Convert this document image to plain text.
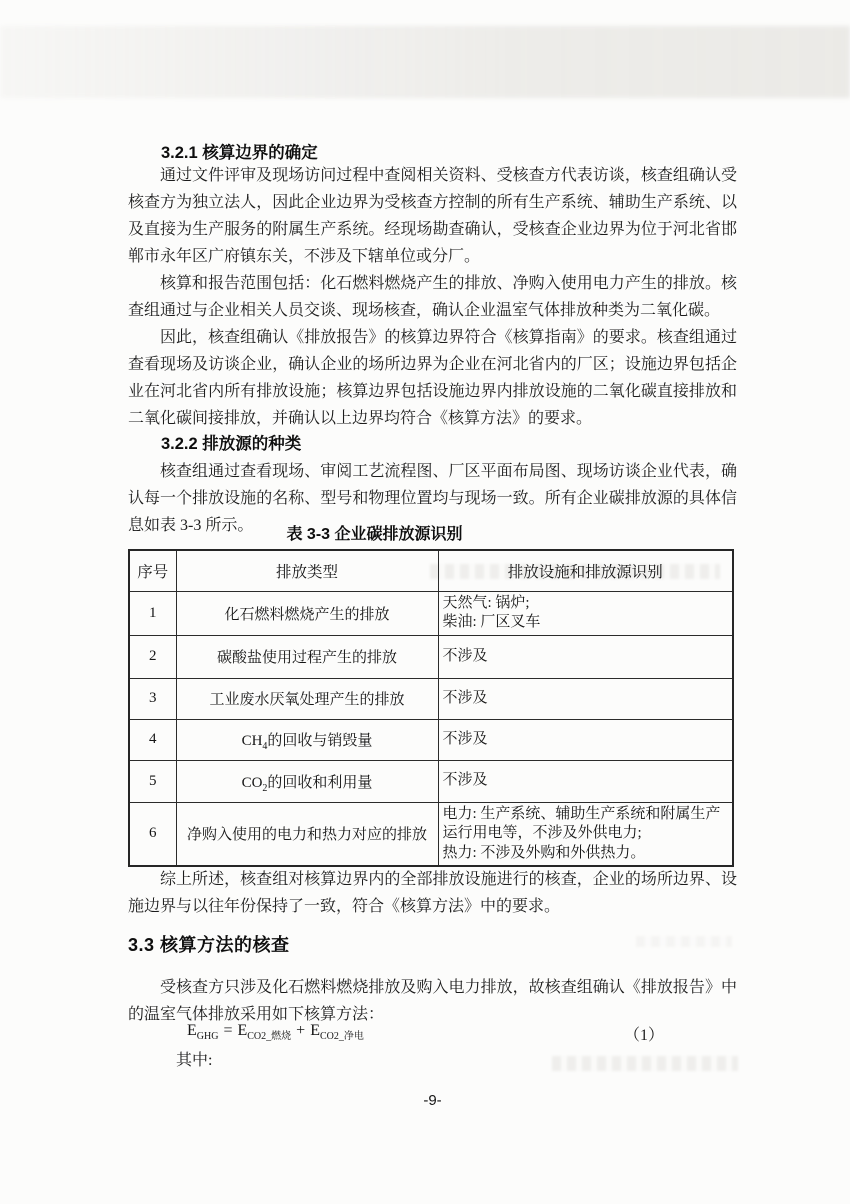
3.2.1 核算边界的确定

通过文件评审及现场访问过程中查阅相关资料、受核查方代表访谈，核查组确认受核查方为独立法人，因此企业边界为受核查方控制的所有生产系统、辅助生产系统、以及直接为生产服务的附属生产系统。经现场勘查确认，受核查企业边界为位于河北省邯郸市永年区广府镇东关，不涉及下辖单位或分厂。

核算和报告范围包括：化石燃料燃烧产生的排放、净购入使用电力产生的排放。核查组通过与企业相关人员交谈、现场核查，确认企业温室气体排放种类为二氧化碳。

因此，核查组确认《排放报告》的核算边界符合《核算指南》的要求。核查组通过查看现场及访谈企业，确认企业的场所边界为企业在河北省内的厂区；设施边界包括企业在河北省内所有排放设施；核算边界包括设施边界内排放设施的二氧化碳直接排放和二氧化碳间接排放，并确认以上边界均符合《核算方法》的要求。

3.2.2 排放源的种类

核查组通过查看现场、审阅工艺流程图、厂区平面布局图、现场访谈企业代表，确认每一个排放设施的名称、型号和物理位置均与现场一致。所有企业碳排放源的具体信息如表 3-3 所示。

表 3-3 企业碳排放源识别

序号	排放类型	排放设施和排放源识别
1	化石燃料燃烧产生的排放	天然气: 锅炉;
柴油: 厂区叉车

2	碳酸盐使用过程产生的排放	不涉及

3	工业废水厌氧处理产生的排放	不涉及

4	$CH_4$的回收与销毁量	不涉及

5	$CO_2$的回收和利用量	不涉及

6	净购入使用的电力和热力对应的排放	电力: 生产系统、辅助生产系统和附属生产运行用电等，不涉及外供电力;
热力: 不涉及外购和外供热力。

综上所述，核查组对核算边界内的全部排放设施进行的核查，企业的场所边界、设施边界与以往年份保持了一致，符合《核算方法》中的要求。

3.3 核算方法的核查

受核查方只涉及化石燃料燃烧排放及购入电力排放，故核查组确认《排放报告》中的温室气体排放采用如下核算方法：

$E_{GHG} = E_{CO2\_燃烧} + E_{CO2\_净电}$	（1）

其中:

-9-
